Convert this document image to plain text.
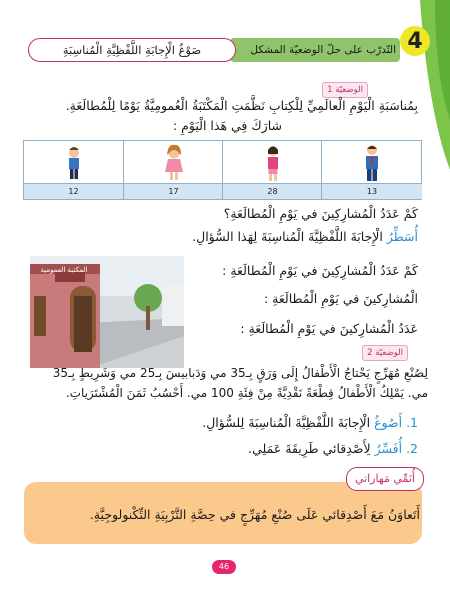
4
التّدرّب على حلّ الوضعيّة المشكل
صَوْغُ الْإِجابَةِ اللَّفْظِيَّةِ الْمُناسِبَةِ
الوضعيّة 1
بِمُناسَبَةِ الْيَوْمِ الْعالَمِيِّ لِلْكِتابِ نَظَّمَتِ الْمَكْتَبَةُ الْعُمومِيَّةُ يَوْمًا لِلْمُطالَعَةِ.
شارَكَ فِي هَذا الْيَوْمِ :
12	17	28	13
كَمْ عَدَدُ الْمُشارِكِينَ في يَوْمِ الْمُطالَعَةِ؟
أُسَطِّرُ الْإِجابَةَ اللَّفْظِيَّةَ الْمُناسِبَةَ لِهَذا السُّؤالِ.
المكتبة العمومية	كَمْ عَدَدُ الْمُشارِكِينَ في يَوْمِ الْمُطالَعَةِ :
الْمُشارِكينَ في يَوْمِ الْمُطالَعَةِ :
عَدَدُ الْمُشارِكينَ في يَوْمِ الْمُطالَعَةِ :
الوضعيّة 2
لِصُنْعِ مُهَرِّجٍ يَحْتاجُ الْأَطْفالُ إِلَى وَرَقٍ بِـ35 مي وَدَبابيسَ بِـ25 مي وَشَرِيطٍ بِـ35
مي. يَمْلِكُ الْأَطْفالُ قِطْعَةً نَقْدِيَّةً مِنْ فِئَةِ 100 مي. أَحْسُبُ ثَمَنَ الْمُشْتَرَياتِ.
1. أَصُوغُ الْإِجابَةَ اللَّفْظِيَّةَ الْمُناسِبَةَ لِلسُّؤالِ.
2. أُفَسِّرُ لِأَصْدِقائي طَرِيقَةَ عَمَلِي.
أُنَمِّي مَهاراتي
أَتَعاوَنُ مَعَ أَصْدِقائي عَلَى صُنْعِ مُهَرِّجٍ في حِصَّةِ التَّرْبِيَةِ التِّكْنولوجِيَّةِ.
46
